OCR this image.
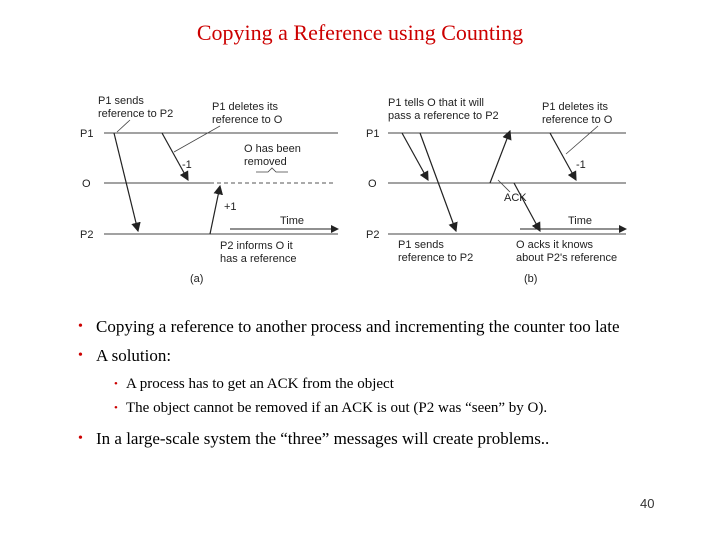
Copying a Reference using Counting
P1
O
P2
P1 sends
reference to P2
P1 deletes its
reference to O
-1
O has been
removed
+1
Time
P2 informs O it
has a reference
(a)
P1
O
P2
P1 tells O that it will
pass a reference to P2
P1 deletes its
reference to O
-1
ACK
Time
P1 sends
reference to P2
O acks it knows
about P2's reference
(b)
• Copying a reference to another process and incrementing the counter too late
• A solution:
• A process has to get an ACK from the object
• The object cannot be removed if an ACK is out (P2 was “seen” by O).
• In a large-scale system the “three” messages will create problems..
40
